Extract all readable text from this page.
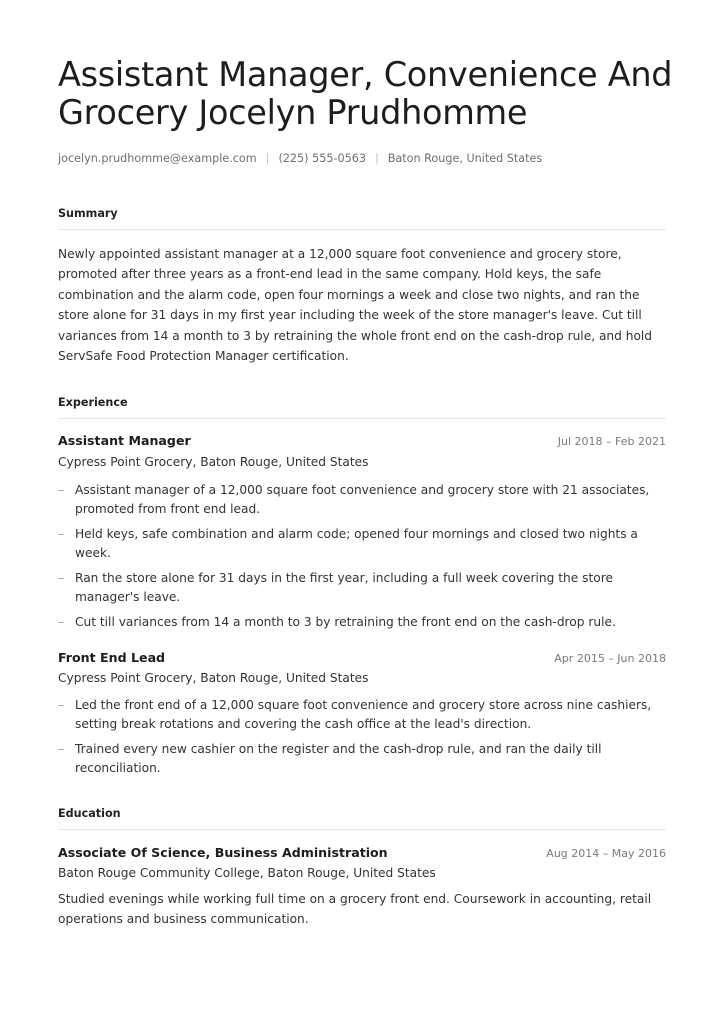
Assistant Manager, Convenience And Grocery Jocelyn Prudhomme
jocelyn.prudhomme@example.com | (225) 555-0563 | Baton Rouge, United States
Summary

Newly appointed assistant manager at a 12,000 square foot convenience and grocery store, promoted after three years as a front-end lead in the same company. Hold keys, the safe combination and the alarm code, open four mornings a week and close two nights, and ran the store alone for 31 days in my first year including the week of the store manager's leave. Cut till variances from 14 a month to 3 by retraining the whole front end on the cash-drop rule, and hold ServSafe Food Protection Manager certification.

Experience
Assistant Manager	Jul 2018 – Feb 2021
Cypress Point Grocery, Baton Rouge, United States
– Assistant manager of a 12,000 square foot convenience and grocery store with 21 associates, promoted from front end lead.
– Held keys, safe combination and alarm code; opened four mornings and closed two nights a week.
– Ran the store alone for 31 days in the first year, including a full week covering the store manager's leave.
– Cut till variances from 14 a month to 3 by retraining the front end on the cash-drop rule.
Front End Lead	Apr 2015 – Jun 2018
Cypress Point Grocery, Baton Rouge, United States
– Led the front end of a 12,000 square foot convenience and grocery store across nine cashiers, setting break rotations and covering the cash office at the lead's direction.
– Trained every new cashier on the register and the cash-drop rule, and ran the daily till reconciliation.
Education
Associate Of Science, Business Administration	Aug 2014 – May 2016
Baton Rouge Community College, Baton Rouge, United States

Studied evenings while working full time on a grocery front end. Coursework in accounting, retail operations and business communication.
